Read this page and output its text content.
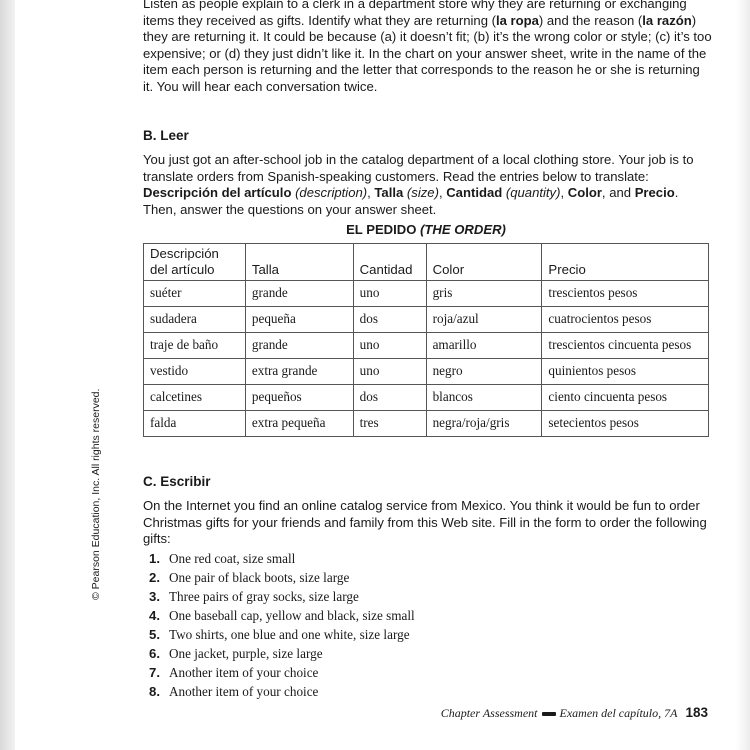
Listen as people explain to a clerk in a department store why they are returning or exchanging items they received as gifts. Identify what they are returning (la ropa) and the reason (la razón) they are returning it. It could be because (a) it doesn’t fit; (b) it’s the wrong color or style; (c) it’s too expensive; or (d) they just didn’t like it. In the chart on your answer sheet, write in the name of the item each person is returning and the letter that corresponds to the reason he or she is returning it. You will hear each conversation twice.

B. Leer

You just got an after-school job in the catalog department of a local clothing store. Your job is to translate orders from Spanish-speaking customers. Read the entries below to translate: Descripción del artículo (description), Talla (size), Cantidad (quantity), Color, and Precio. Then, answer the questions on your answer sheet.

EL PEDIDO (THE ORDER)
Descripción del artículo	Talla	Cantidad	Color	Precio
suéter	grande	uno	gris	trescientos pesos
sudadera	pequeña	dos	roja/azul	cuatrocientos pesos
traje de baño	grande	uno	amarillo	trescientos cincuenta pesos
vestido	extra grande	uno	negro	quinientos pesos
calcetines	pequeños	dos	blancos	ciento cincuenta pesos
falda	extra pequeña	tres	negra/roja/gris	setecientos pesos
C. Escribir

On the Internet you find an online catalog service from Mexico. You think it would be fun to order Christmas gifts for your friends and family from this Web site. Fill in the form to order the following gifts:

1. One red coat, size small
2. One pair of black boots, size large
3. Three pairs of gray socks, size large
4. One baseball cap, yellow and black, size small
5. Two shirts, one blue and one white, size large
6. One jacket, purple, size large
7. Another item of your choice
8. Another item of your choice
Chapter Assessment Examen del capítulo, 7A 183
© Pearson Education, Inc. All rights reserved.
